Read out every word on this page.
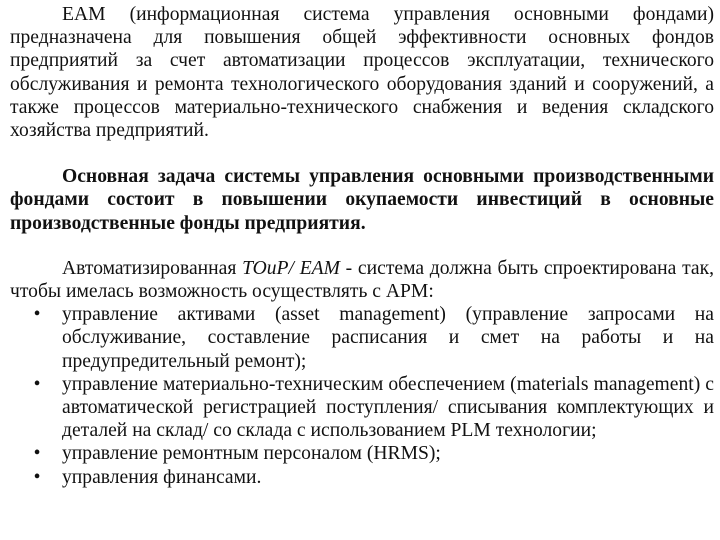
EAM (информационная система управления основными фондами) предназначена для повышения общей эффективности основных фондов предприятий за счет автоматизации процессов эксплуатации, технического обслуживания и ремонта технологического оборудования зданий и сооружений, а также процессов материально-технического снабжения и ведения складского хозяйства предприятий.

Основная задача системы управления основными производственными фондами состоит в повышении окупаемости инвестиций в основные производственные фонды предприятия.

Автоматизированная TOuP/ EAM - система должна быть спроектирована так, чтобы имелась возможность осуществлять с АРМ:

• управление активами (asset management) (управление запросами на обслуживание, составление расписания и смет на работы и на предупредительный ремонт);
• управление материально-техническим обеспечением (materials management) с автоматической регистрацией поступления/ списывания комплектующих и деталей на склад/ со склада с использованием PLM технологии;
• управление ремонтным персоналом (HRMS);
• управления финансами.
